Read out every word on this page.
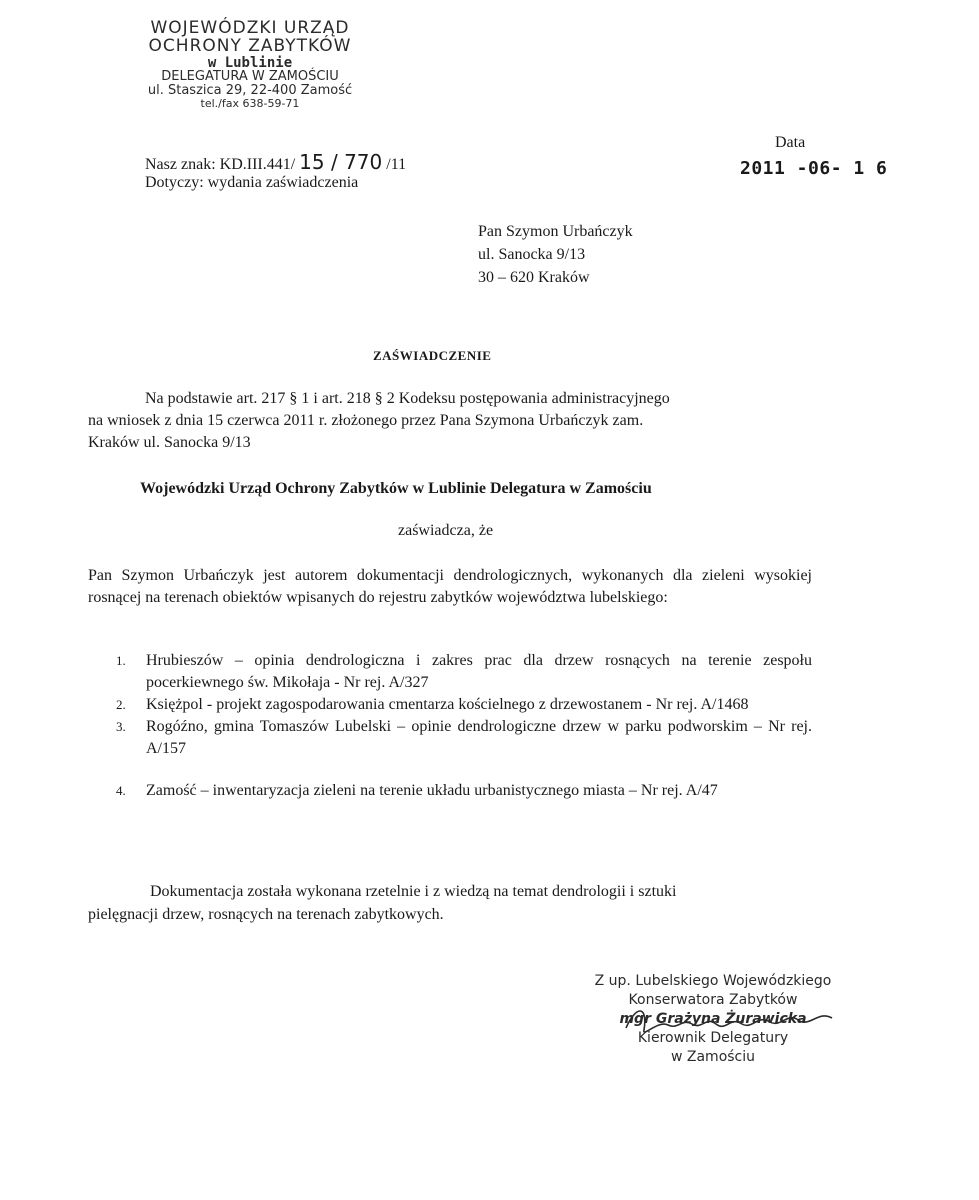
WOJEWÓDZKI URZĄD
OCHRONY ZABYTKÓW
w Lublinie
DELEGATURA W ZAMOŚCIU
ul. Staszica 29, 22-400 Zamość
tel./fax 638-59-71
Nasz znak: KD.III.441/ 15 / 770 /11
Dotyczy: wydania zaświadczenia
Data
2011 -06- 1 6
Pan Szymon Urbańczyk
ul. Sanocka 9/13
30 – 620 Kraków
ZAŚWIADCZENIE
Na podstawie art. 217 § 1 i art. 218 § 2 Kodeksu postępowania administracyjnego
na wniosek z dnia 15 czerwca 2011 r. złożonego przez Pana Szymona Urbańczyk zam.
Kraków ul. Sanocka 9/13
Wojewódzki Urząd Ochrony Zabytków w Lublinie Delegatura w Zamościu
zaświadcza, że
Pan Szymon Urbańczyk jest autorem dokumentacji dendrologicznych, wykonanych dla zieleni wysokiej rosnącej na terenach obiektów wpisanych do rejestru zabytków województwa lubelskiego:
1. Hrubieszów – opinia dendrologiczna i zakres prac dla drzew rosnących na terenie zespołu pocerkiewnego św. Mikołaja - Nr rej. A/327
2. Księżpol - projekt zagospodarowania cmentarza kościelnego z drzewostanem - Nr rej. A/1468
3. Rogóźno, gmina Tomaszów Lubelski – opinie dendrologiczne drzew w parku podworskim – Nr rej. A/157
4. Zamość – inwentaryzacja zieleni na terenie układu urbanistycznego miasta – Nr rej. A/47
Dokumentacja została wykonana rzetelnie i z wiedzą na temat dendrologii i sztuki
pielęgnacji drzew, rosnących na terenach zabytkowych.
Z up. Lubelskiego Wojewódzkiego
Konserwatora Zabytków
mgr Grażyna Żurawicka
Kierownik Delegatury
w Zamościu
